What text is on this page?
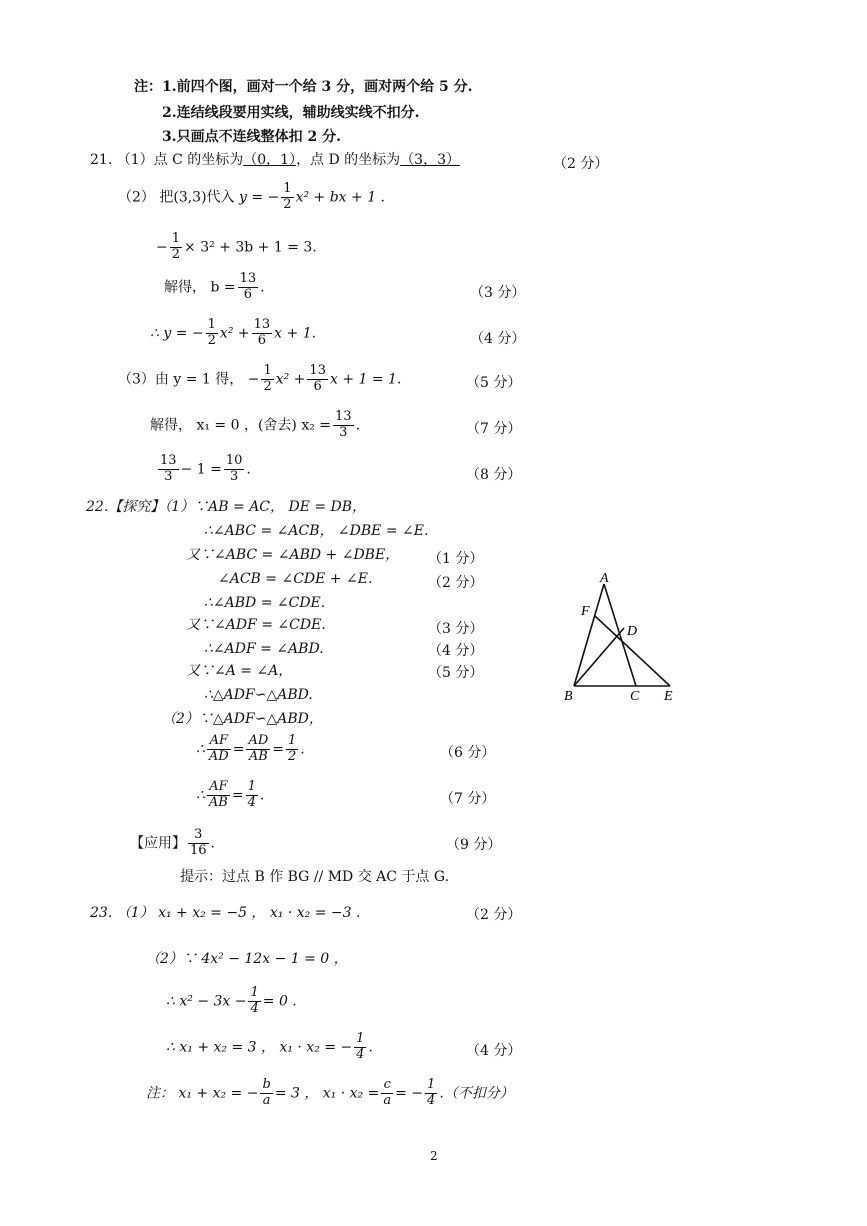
注：1.前四个图，画对一个给 3 分，画对两个给 5 分.
2.连结线段要用实线，辅助线实线不扣分.
3.只画点不连线整体扣 2 分.
21. （1）点 C 的坐标为（0，1），点 D 的坐标为（3，3）	（2 分）
（2） 把(3,3)代入 y = − $\frac{1}{2} x^2$ + bx + 1 .
− $\frac{1}{2} \times 3^2 + 3b + 1 = 3$.
解得， $b = \frac{13}{6}$ .	（3 分）
∴ y = − $\frac{1}{2} x^2 + \frac{13}{6}$ x + 1.	（4 分）
（3）由 y = 1 得， − $\frac{1}{2} x^2 + \frac{13}{6}$ x + 1 = 1.	（5 分）
解得， x₁ = 0 ，(舍去) $x_2 = \frac{13}{3}$ .	（7 分）
$\frac{13}{3} - 1 = \frac{10}{3}$ .	（8 分）
22.【探究】（1）∵AB = AC， DE = DB，
∴∠ABC = ∠ACB， ∠DBE = ∠E.
又∵∠ABC = ∠ABD + ∠DBE， （1 分）
∠ACB = ∠CDE + ∠E.	（2 分）
∴∠ABD = ∠CDE.
又∵∠ADF = ∠CDE.	（3 分）
∴∠ADF = ∠ABD.	（4 分）
又∵∠A = ∠A，	（5 分）
∴△ADF∽△ABD.
（2）∵△ADF∽△ABD，
∴ $\frac{AF}{AD} = \frac{AD}{AB} = \frac{1}{2}$ .	（6 分）
∴ $\frac{AF}{AB} = \frac{1}{4}$ .	（7 分）
【应用】 $\frac{3}{16}$ .	（9 分）
提示：过点 B 作 BG // MD 交 AC 于点 G.
A
F
D
B	C E
23. （1） x₁ + x₂ = −5 ， x₁ · x₂ = −3 .	（2 分）
（2）∵ 4x² − 12x − 1 = 0 ，
∴ $x^2 - 3x - \frac{1}{4} = 0$ .
∴ x₁ + x₂ = 3 ， x₁ · x₂ = − $\frac{1}{4}$ .	（4 分）
注： x₁ + x₂ = − $\frac{b}{a} = 3$ ， $x_1 \cdot x_2 = \frac{c}{a}$ = − $\frac{1}{4}$ .（不扣分）
2
